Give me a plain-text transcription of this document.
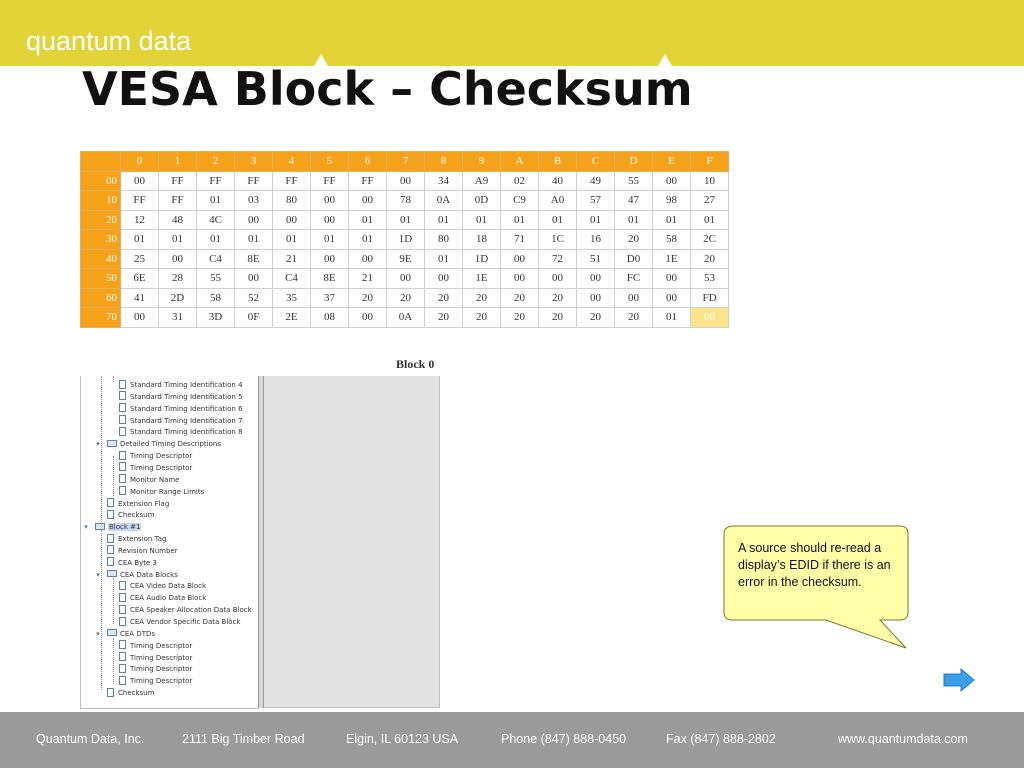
quantum data
VESA Block – Checksum
	0	1	2	3	4	5	6	7	8	9	A	B	C	D	E	F
00	00	FF	FF	FF	FF	FF	FF	00	34	A9	02	40	49	55	00	10
10	FF	FF	01	03	80	00	00	78	0A	0D	C9	A0	57	47	98	27
20	12	48	4C	00	00	00	01	01	01	01	01	01	01	01	01	01
30	01	01	01	01	01	01	01	1D	80	18	71	1C	16	20	58	2C
40	25	00	C4	8E	21	00	00	9E	01	1D	00	72	51	D0	1E	20
50	6E	28	55	00	C4	8E	21	00	00	1E	00	00	00	FC	00	53
60	41	2D	58	52	35	37	20	20	20	20	20	20	00	00	00	FD
70	00	31	3D	0F	2E	08	00	0A	20	20	20	20	20	20	01	00
Block 0
Standard Timing Identification 4
Standard Timing Identification 5
Standard Timing Identification 6
Standard Timing Identification 7
Standard Timing Identification 8
▾	Detailed Timing Descriptions
Timing Descriptor
Timing Descriptor
Monitor Name
Monitor Range Limits
Extension Flag
Checksum
▾	Block #1
Extension Tag
Revision Number
CEA Byte 3
▾	CEA Data Blocks
CEA Video Data Block
CEA Audio Data Block
CEA Speaker Allocation Data Block
CEA Vendor Specific Data Block
▾	CEA DTDs
Timing Descriptor
Timing Descriptor
Timing Descriptor
Timing Descriptor
Checksum
A source should re-read a display’s EDID if there is an error in the checksum.
Quantum Data, Inc.	2111 Big Timber Road	Elgin, IL 60123 USA	Phone (847) 888-0450	Fax (847) 888-2802	www.quantumdata.com
